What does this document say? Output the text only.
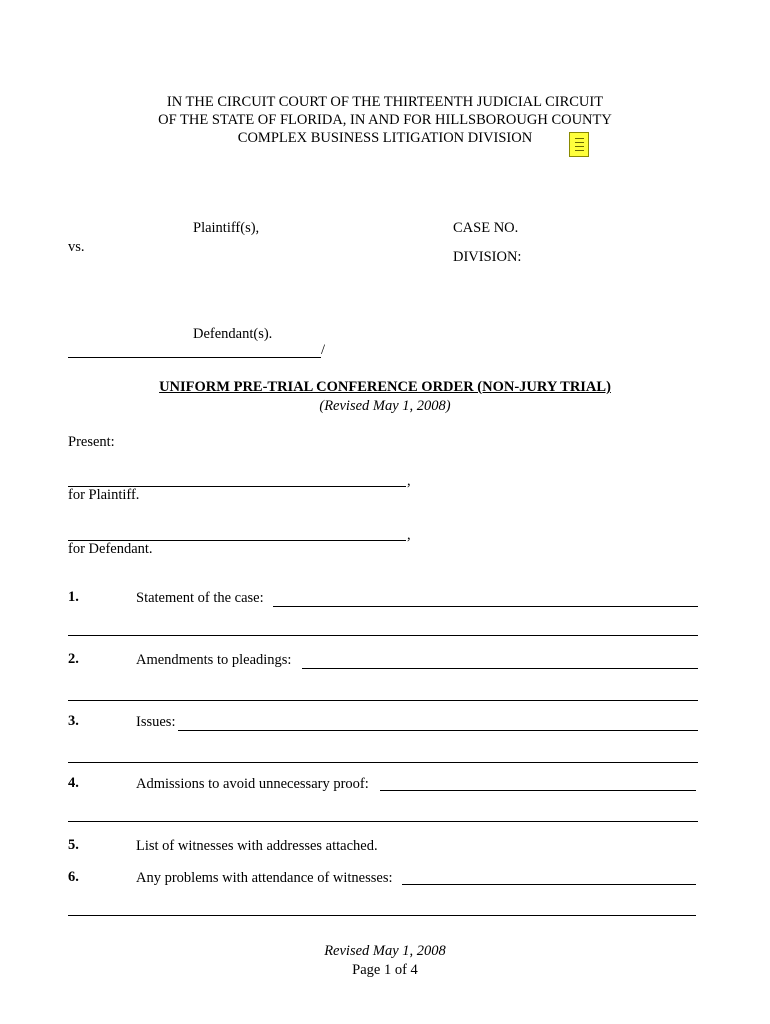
IN THE CIRCUIT COURT OF THE THIRTEENTH JUDICIAL CIRCUIT
OF THE STATE OF FLORIDA, IN AND FOR HILLSBOROUGH COUNTY
COMPLEX BUSINESS LITIGATION DIVISION
Plaintiff(s),	CASE NO.
vs.
DIVISION:
Defendant(s).
/
UNIFORM PRE-TRIAL CONFERENCE ORDER (NON-JURY TRIAL)
(Revised May 1, 2008)
Present:
,
for Plaintiff.
,
for Defendant.
1.	Statement of the case:
2.	Amendments to pleadings:
3.	Issues:
4.	Admissions to avoid unnecessary proof:
5.	List of witnesses with addresses attached.
6.	Any problems with attendance of witnesses:
Revised May 1, 2008
Page 1 of 4
